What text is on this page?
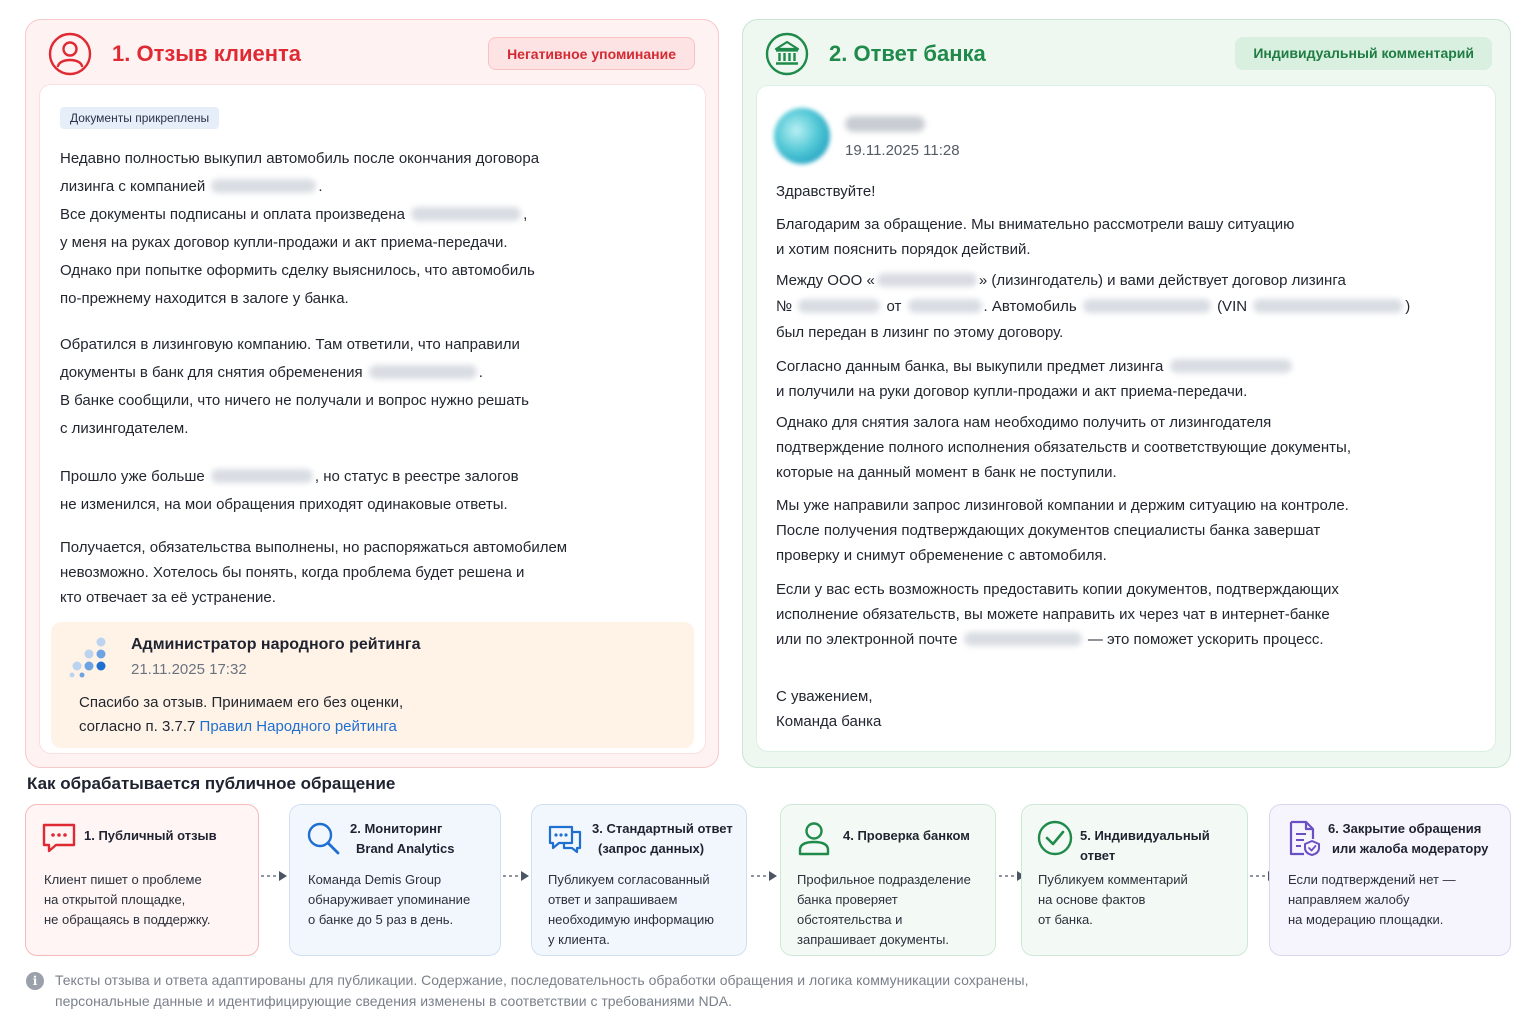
1. Отзыв клиента	Негативное упоминание
Документы прикреплены
Недавно полностью выкупил автомобиль после окончания договора
лизинга с компанией	.
Все документы подписаны и оплата произведена	,
у меня на руках договор купли-продажи и акт приема-передачи.
Однако при попытке оформить сделку выяснилось, что автомобиль
по-прежнему находится в залоге у банка.
Обратился в лизинговую компанию. Там ответили, что направили
документы в банк для снятия обременения	.
В банке сообщили, что ничего не получали и вопрос нужно решать
с лизингодателем.
Прошло уже больше	, но статус в реестре залогов
не изменился, на мои обращения приходят одинаковые ответы.
Получается, обязательства выполнены, но распоряжаться автомобилем
невозможно. Хотелось бы понять, когда проблема будет решена и
кто отвечает за её устранение.
Администратор народного рейтинга
21.11.2025 17:32
Спасибо за отзыв. Принимаем его без оценки,
согласно п. 3.7.7 Правил Народного рейтинга
2. Ответ банка	Индивидуальный комментарий
19.11.2025 11:28
Здравствуйте!
Благодарим за обращение. Мы внимательно рассмотрели вашу ситуацию
и хотим пояснить порядок действий.
Между ООО «	» (лизингодатель) и вами действует договор лизинга
№	от	. Автомобиль	(VIN	)
был передан в лизинг по этому договору.
Согласно данным банка, вы выкупили предмет лизинга
и получили на руки договор купли-продажи и акт приема-передачи.
Однако для снятия залога нам необходимо получить от лизингодателя
подтверждение полного исполнения обязательств и соответствующие документы,
которые на данный момент в банк не поступили.
Мы уже направили запрос лизинговой компании и держим ситуацию на контроле.
После получения подтверждающих документов специалисты банка завершат
проверку и снимут обременение с автомобиля.
Если у вас есть возможность предоставить копии документов, подтверждающих
исполнение обязательств, вы можете направить их через чат в интернет-банке
или по электронной почте	— это поможет ускорить процесс.
С уважением,
Команда банка
Как обрабатывается публичное обращение
1. Публичный отзыв
Клиент пишет о проблеме
на открытой площадке,
не обращаясь в поддержку.
2. Мониторинг
Brand Analytics
Команда Demis Group
обнаруживает упоминание
о банке до 5 раз в день.
3. Стандартный ответ
(запрос данных)
Публикуем согласованный
ответ и запрашиваем
необходимую информацию
у клиента.
4. Проверка банком
Профильное подразделение
банка проверяет
обстоятельства и
запрашивает документы.
5. Индивидуальный ответ
Публикуем комментарий
на основе фактов
от банка.
6. Закрытие обращения
или жалоба модератору
Если подтверждений нет —
направляем жалобу
на модерацию площадки.
i	Тексты отзыва и ответа адаптированы для публикации. Содержание, последовательность обработки обращения и логика коммуникации сохранены,
персональные данные и идентифицирующие сведения изменены в соответствии с требованиями NDA.
